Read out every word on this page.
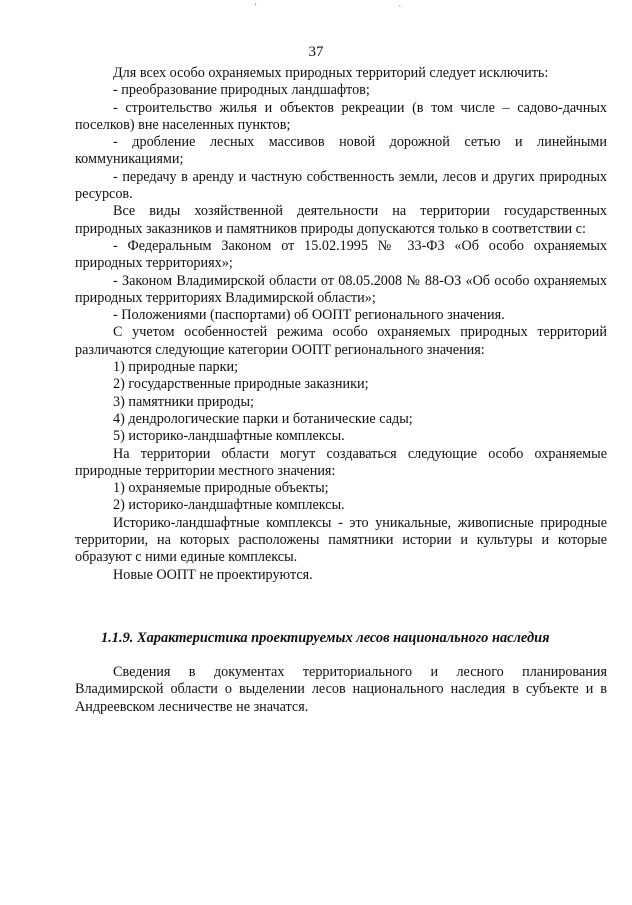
' ·
37

Для всех особо охраняемых природных территорий следует исключить:

- преобразование природных ландшафтов;

- строительство жилья и объектов рекреации (в том числе – садово-дачных поселков) вне населенных пунктов;

- дробление лесных массивов новой дорожной сетью и линейными коммуникациями;

- передачу в аренду и частную собственность земли, лесов и других природных ресурсов.

Все виды хозяйственной деятельности на территории государственных природных заказников и памятников природы допускаются только в соответствии с:

- Федеральным Законом от 15.02.1995 № 33-ФЗ «Об особо охраняемых природных территориях»;

- Законом Владимирской области от 08.05.2008 № 88-ОЗ «Об особо охраняемых природных территориях Владимирской области»;

- Положениями (паспортами) об ООПТ регионального значения.

С учетом особенностей режима особо охраняемых природных территорий различаются следующие категории ООПТ регионального значения:

1) природные парки;

2) государственные природные заказники;

3) памятники природы;

4) дендрологические парки и ботанические сады;

5) историко-ландшафтные комплексы.

На территории области могут создаваться следующие особо охраняемые природные территории местного значения:

1) охраняемые природные объекты;

2) историко-ландшафтные комплексы.

Историко-ландшафтные комплексы - это уникальные, живописные природные территории, на которых расположены памятники истории и культуры и которые образуют с ними единые комплексы.

Новые ООПТ не проектируются.

1.1.9. Характеристика проектируемых лесов национального наследия

Сведения в документах территориального и лесного планирования Владимирской области о выделении лесов национального наследия в субъекте и в Андреевском лесничестве не значатся.
